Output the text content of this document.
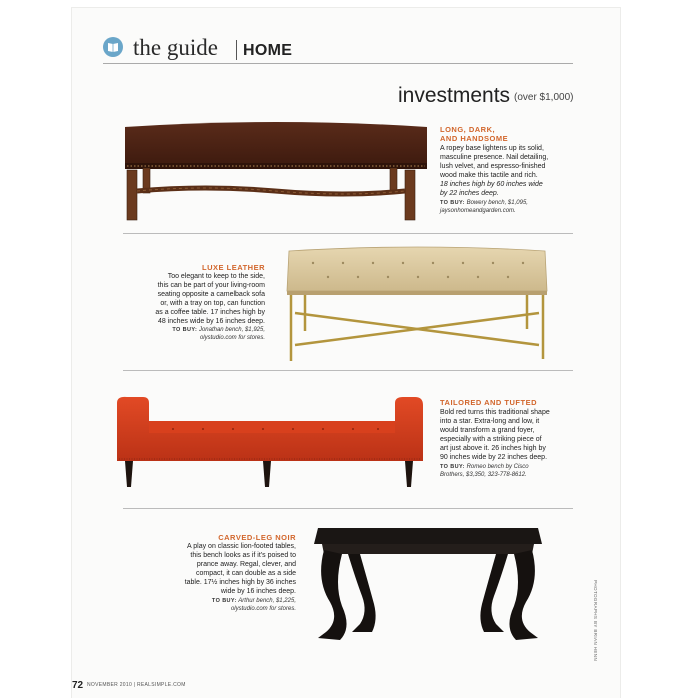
the guide HOME
investments (over $1,000)
LONG, DARK,
AND HANDSOME
A ropey base lightens up its solid,
masculine presence. Nail detailing,
lush velvet, and espresso-finished
wood make this tactile and rich.
18 inches high by 60 inches wide
by 22 inches deep.
TO BUY: Bowery bench, $1,095,
jaysonhomeandgarden.com.
LUXE LEATHER
Too elegant to keep to the side,
this can be part of your living-room
seating opposite a camelback sofa
or, with a tray on top, can function
as a coffee table. 17 inches high by
48 inches wide by 16 inches deep.
TO BUY: Jonathan bench, $1,925,
olystudio.com for stores.
TAILORED AND TUFTED
Bold red turns this traditional shape
into a star. Extra-long and low, it
would transform a grand foyer,
especially with a striking piece of
art just above it. 26 inches high by
90 inches wide by 22 inches deep.
TO BUY: Romeo bench by Cisco
Brothers, $3,350, 323-778-8612.
CARVED-LEG NOIR
A play on classic lion-footed tables,
this bench looks as if it's poised to
prance away. Regal, clever, and
compact, it can double as a side
table. 17½ inches high by 36 inches
wide by 16 inches deep.
TO BUY: Arthur bench, $1,225,
olystudio.com for stores.	PHOTOGRAPHS BY BRIAN HENN
72 NOVEMBER 2010 | REALSIMPLE.COM
